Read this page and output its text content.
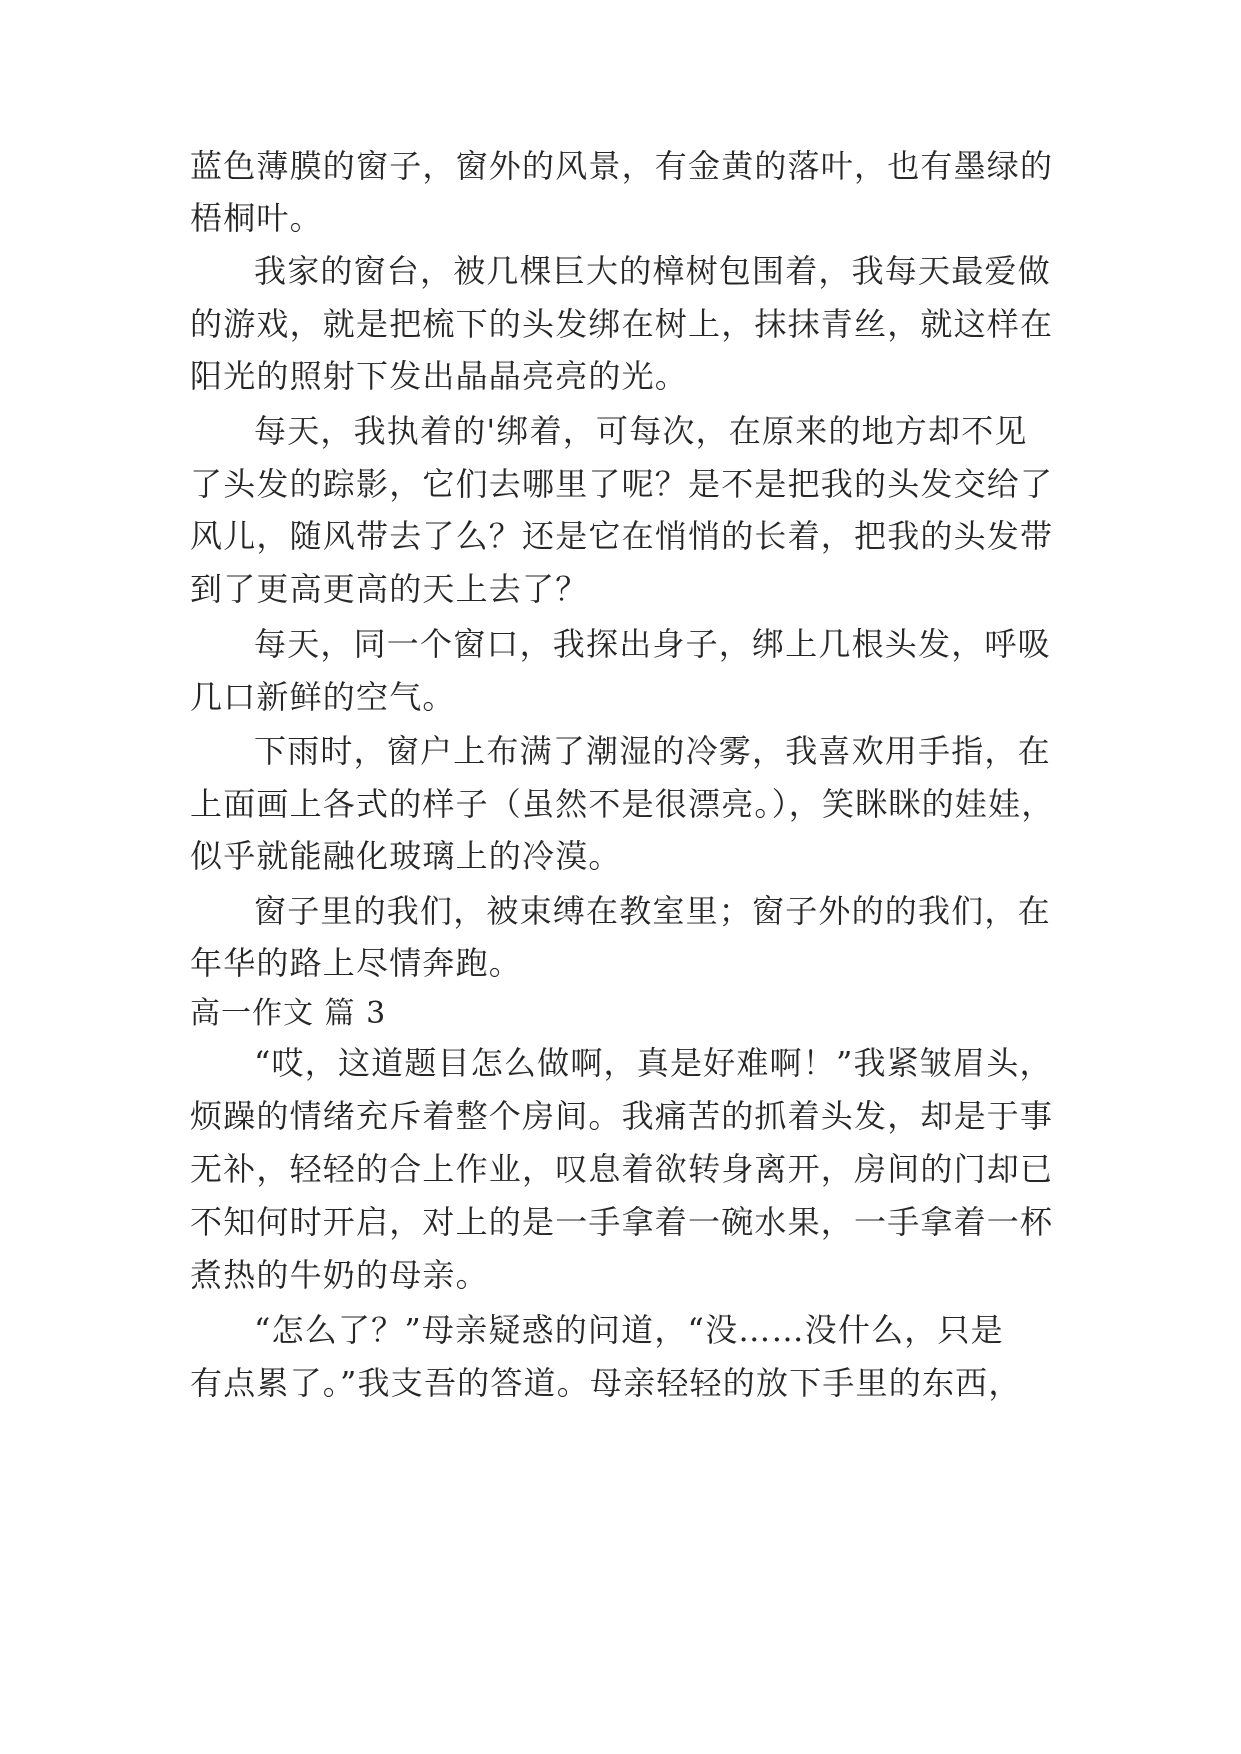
蓝色薄膜的窗子，窗外的风景，有金黄的落叶，也有墨绿的
梧桐叶。
我家的窗台，被几棵巨大的樟树包围着，我每天最爱做
的游戏，就是把梳下的头发绑在树上，抹抹青丝，就这样在
阳光的照射下发出晶晶亮亮的光。
每天，我执着的'绑着，可每次，在原来的地方却不见
了头发的踪影，它们去哪里了呢？是不是把我的头发交给了
风儿，随风带去了么？还是它在悄悄的长着，把我的头发带
到了更高更高的天上去了？
每天，同一个窗口，我探出身子，绑上几根头发，呼吸
几口新鲜的空气。
下雨时，窗户上布满了潮湿的冷雾，我喜欢用手指，在
上面画上各式的样子（虽然不是很漂亮。），笑眯眯的娃娃，
似乎就能融化玻璃上的冷漠。
窗子里的我们，被束缚在教室里；窗子外的的我们，在
年华的路上尽情奔跑。
高一作文 篇 3
“哎，这道题目怎么做啊，真是好难啊！”我紧皱眉头，
烦躁的情绪充斥着整个房间。我痛苦的抓着头发，却是于事
无补，轻轻的合上作业，叹息着欲转身离开，房间的门却已
不知何时开启，对上的是一手拿着一碗水果，一手拿着一杯
煮热的牛奶的母亲。
“怎么了？”母亲疑惑的问道，“没……没什么，只是
有点累了。”我支吾的答道。母亲轻轻的放下手里的东西，
